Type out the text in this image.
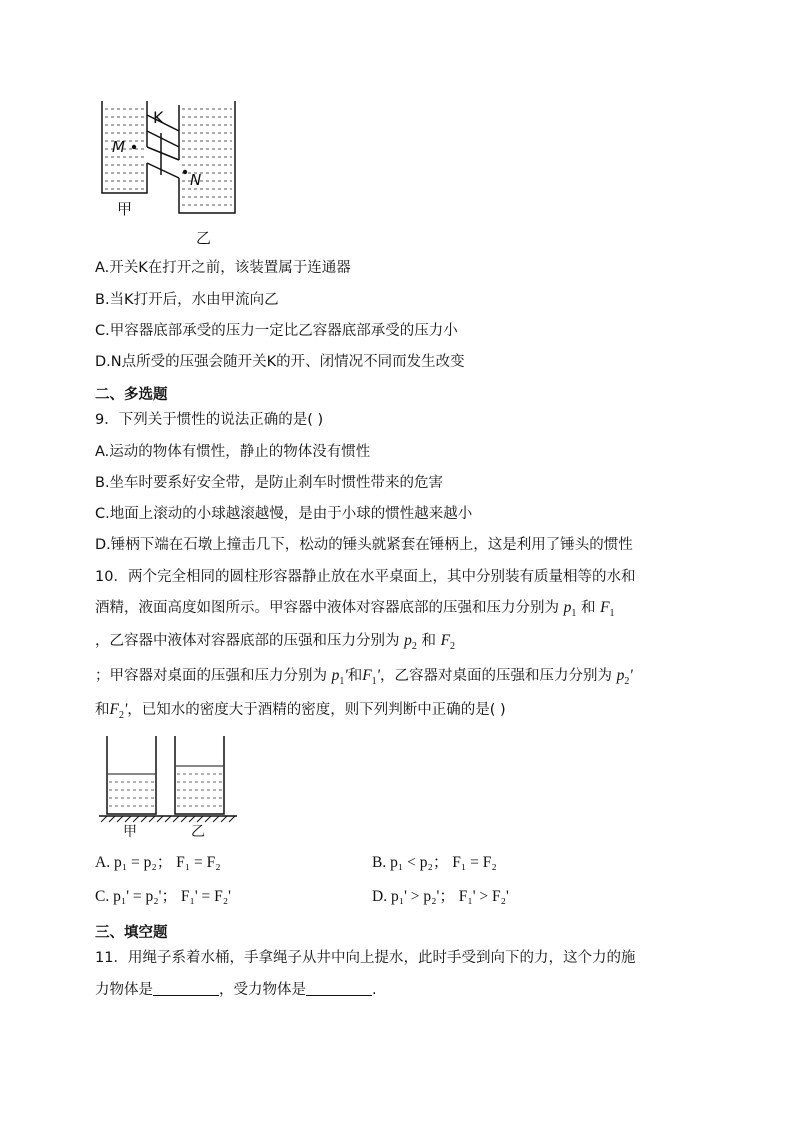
K
M
N
甲
乙
A.开关K在打开之前，该装置属于连通器
B.当K打开后，水由甲流向乙
C.甲容器底部承受的压力一定比乙容器底部承受的压力小
D.N点所受的压强会随开关K的开、闭情况不同而发生改变
二、多选题
9．下列关于惯性的说法正确的是( )
A.运动的物体有惯性，静止的物体没有惯性
B.坐车时要系好安全带，是防止刹车时惯性带来的危害
C.地面上滚动的小球越滚越慢，是由于小球的惯性越来越小
D.锤柄下端在石墩上撞击几下，松动的锤头就紧套在锤柄上，这是利用了锤头的惯性
10．两个完全相同的圆柱形容器静止放在水平桌面上，其中分别装有质量相等的水和
酒精，液面高度如图所示。甲容器中液体对容器底部的压强和压力分别为 $p_1$ 和 $F_1$
，乙容器中液体对容器底部的压强和压力分别为 $p_2$ 和 $F_2$
；甲容器对桌面的压强和压力分别为 $p_1'$和$F_1'$，乙容器对桌面的压强和压力分别为 $p_2'$
和$F_2'$，已知水的密度大于酒精的密度，则下列判断中正确的是( )
甲	乙
A. p₁ = p₂； F₁ = F₂	B. p₁ < p₂； F₁ = F₂
C. p₁' = p₂'； F₁' = F₂'	D. p₁' > p₂'； F₁' > F₂'
三、填空题
11．用绳子系着水桶，手拿绳子从井中向上提水，此时手受到向下的力，这个力的施
力物体是	，受力物体是	.
